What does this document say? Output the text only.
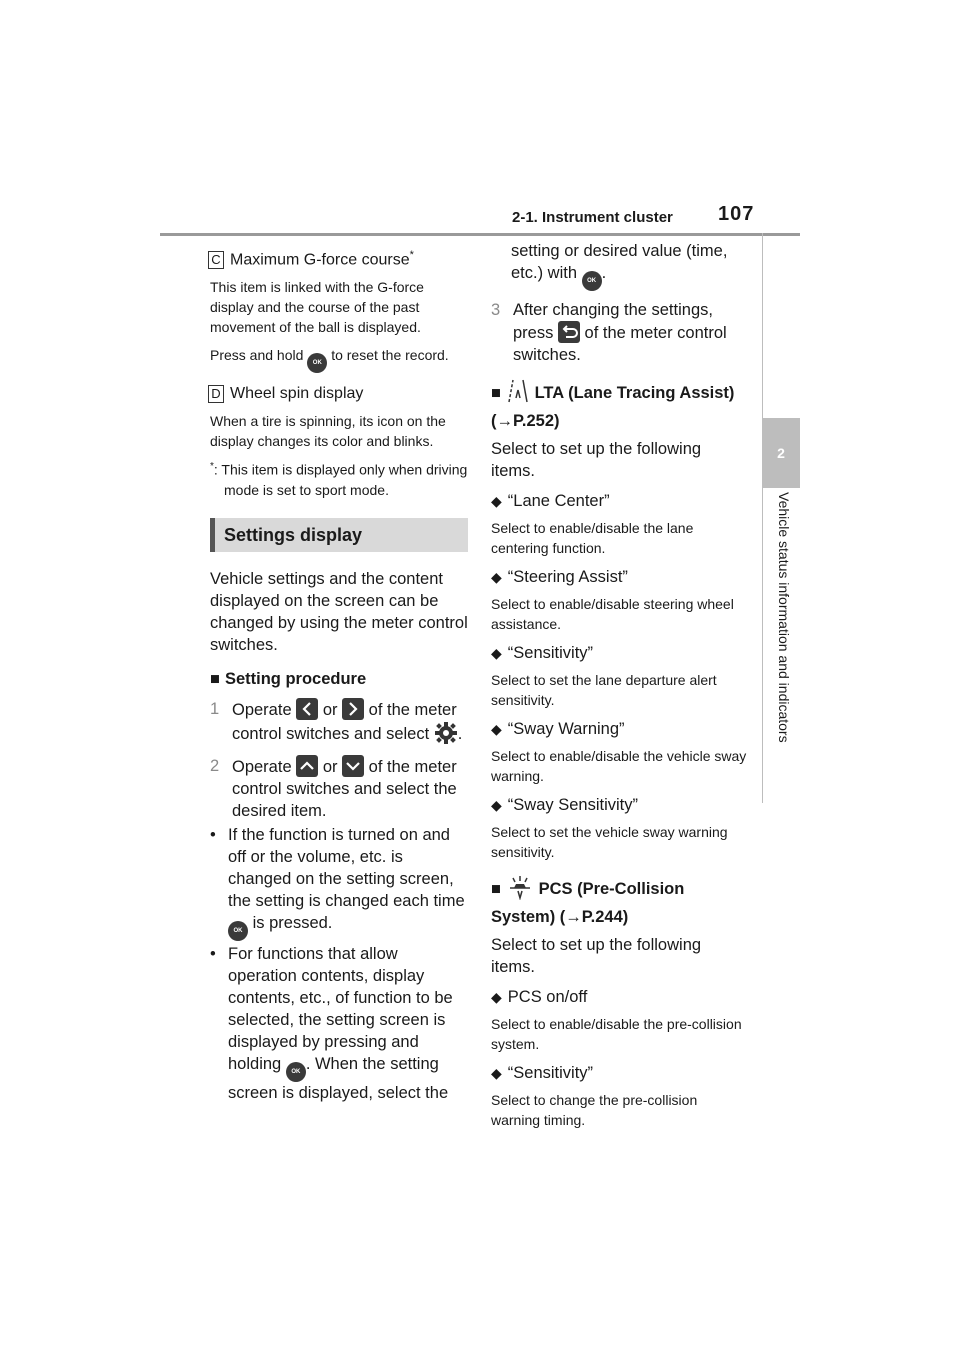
2-1. Instrument cluster 107
2
Vehicle status information and indicators
C Maximum G-force course*

This item is linked with the G-force display and the course of the past movement of the ball is displayed.

Press and hold OK to reset the record.

D Wheel spin display

When a tire is spinning, its icon on the display changes its color and blinks.

*: This item is displayed only when driving mode is set to sport mode.

Settings display

Vehicle settings and the content displayed on the screen can be changed by using the meter control switches.

■ Setting procedure

1 Operate or of the meter control switches and select .
2 Operate or of the meter control switches and select the desired item.
• If the function is turned on and off or the volume, etc. is changed on the setting screen, the setting is changed each time OK is pressed.
• For functions that allow operation contents, display contents, etc., of function to be selected, the setting screen is displayed by pressing and holding OK . When the setting screen is displayed, select the
setting or desired value (time, etc.) with OK .
3 After changing the settings, press of the meter control switches.

■ LTA (Lane Tracing Assist) (→P.252)

Select to set up the following items.

◆ “Lane Center”

Select to enable/disable the lane centering function.

◆ “Steering Assist”

Select to enable/disable steering wheel assistance.

◆ “Sensitivity”

Select to set the lane departure alert sensitivity.

◆ “Sway Warning”

Select to enable/disable the vehicle sway warning.

◆ “Sway Sensitivity”

Select to set the vehicle sway warning sensitivity.

■ PCS (Pre-Collision System) (→P.244)

Select to set up the following items.

◆ PCS on/off

Select to enable/disable the pre-collision system.

◆ “Sensitivity”

Select to change the pre-collision warning timing.
